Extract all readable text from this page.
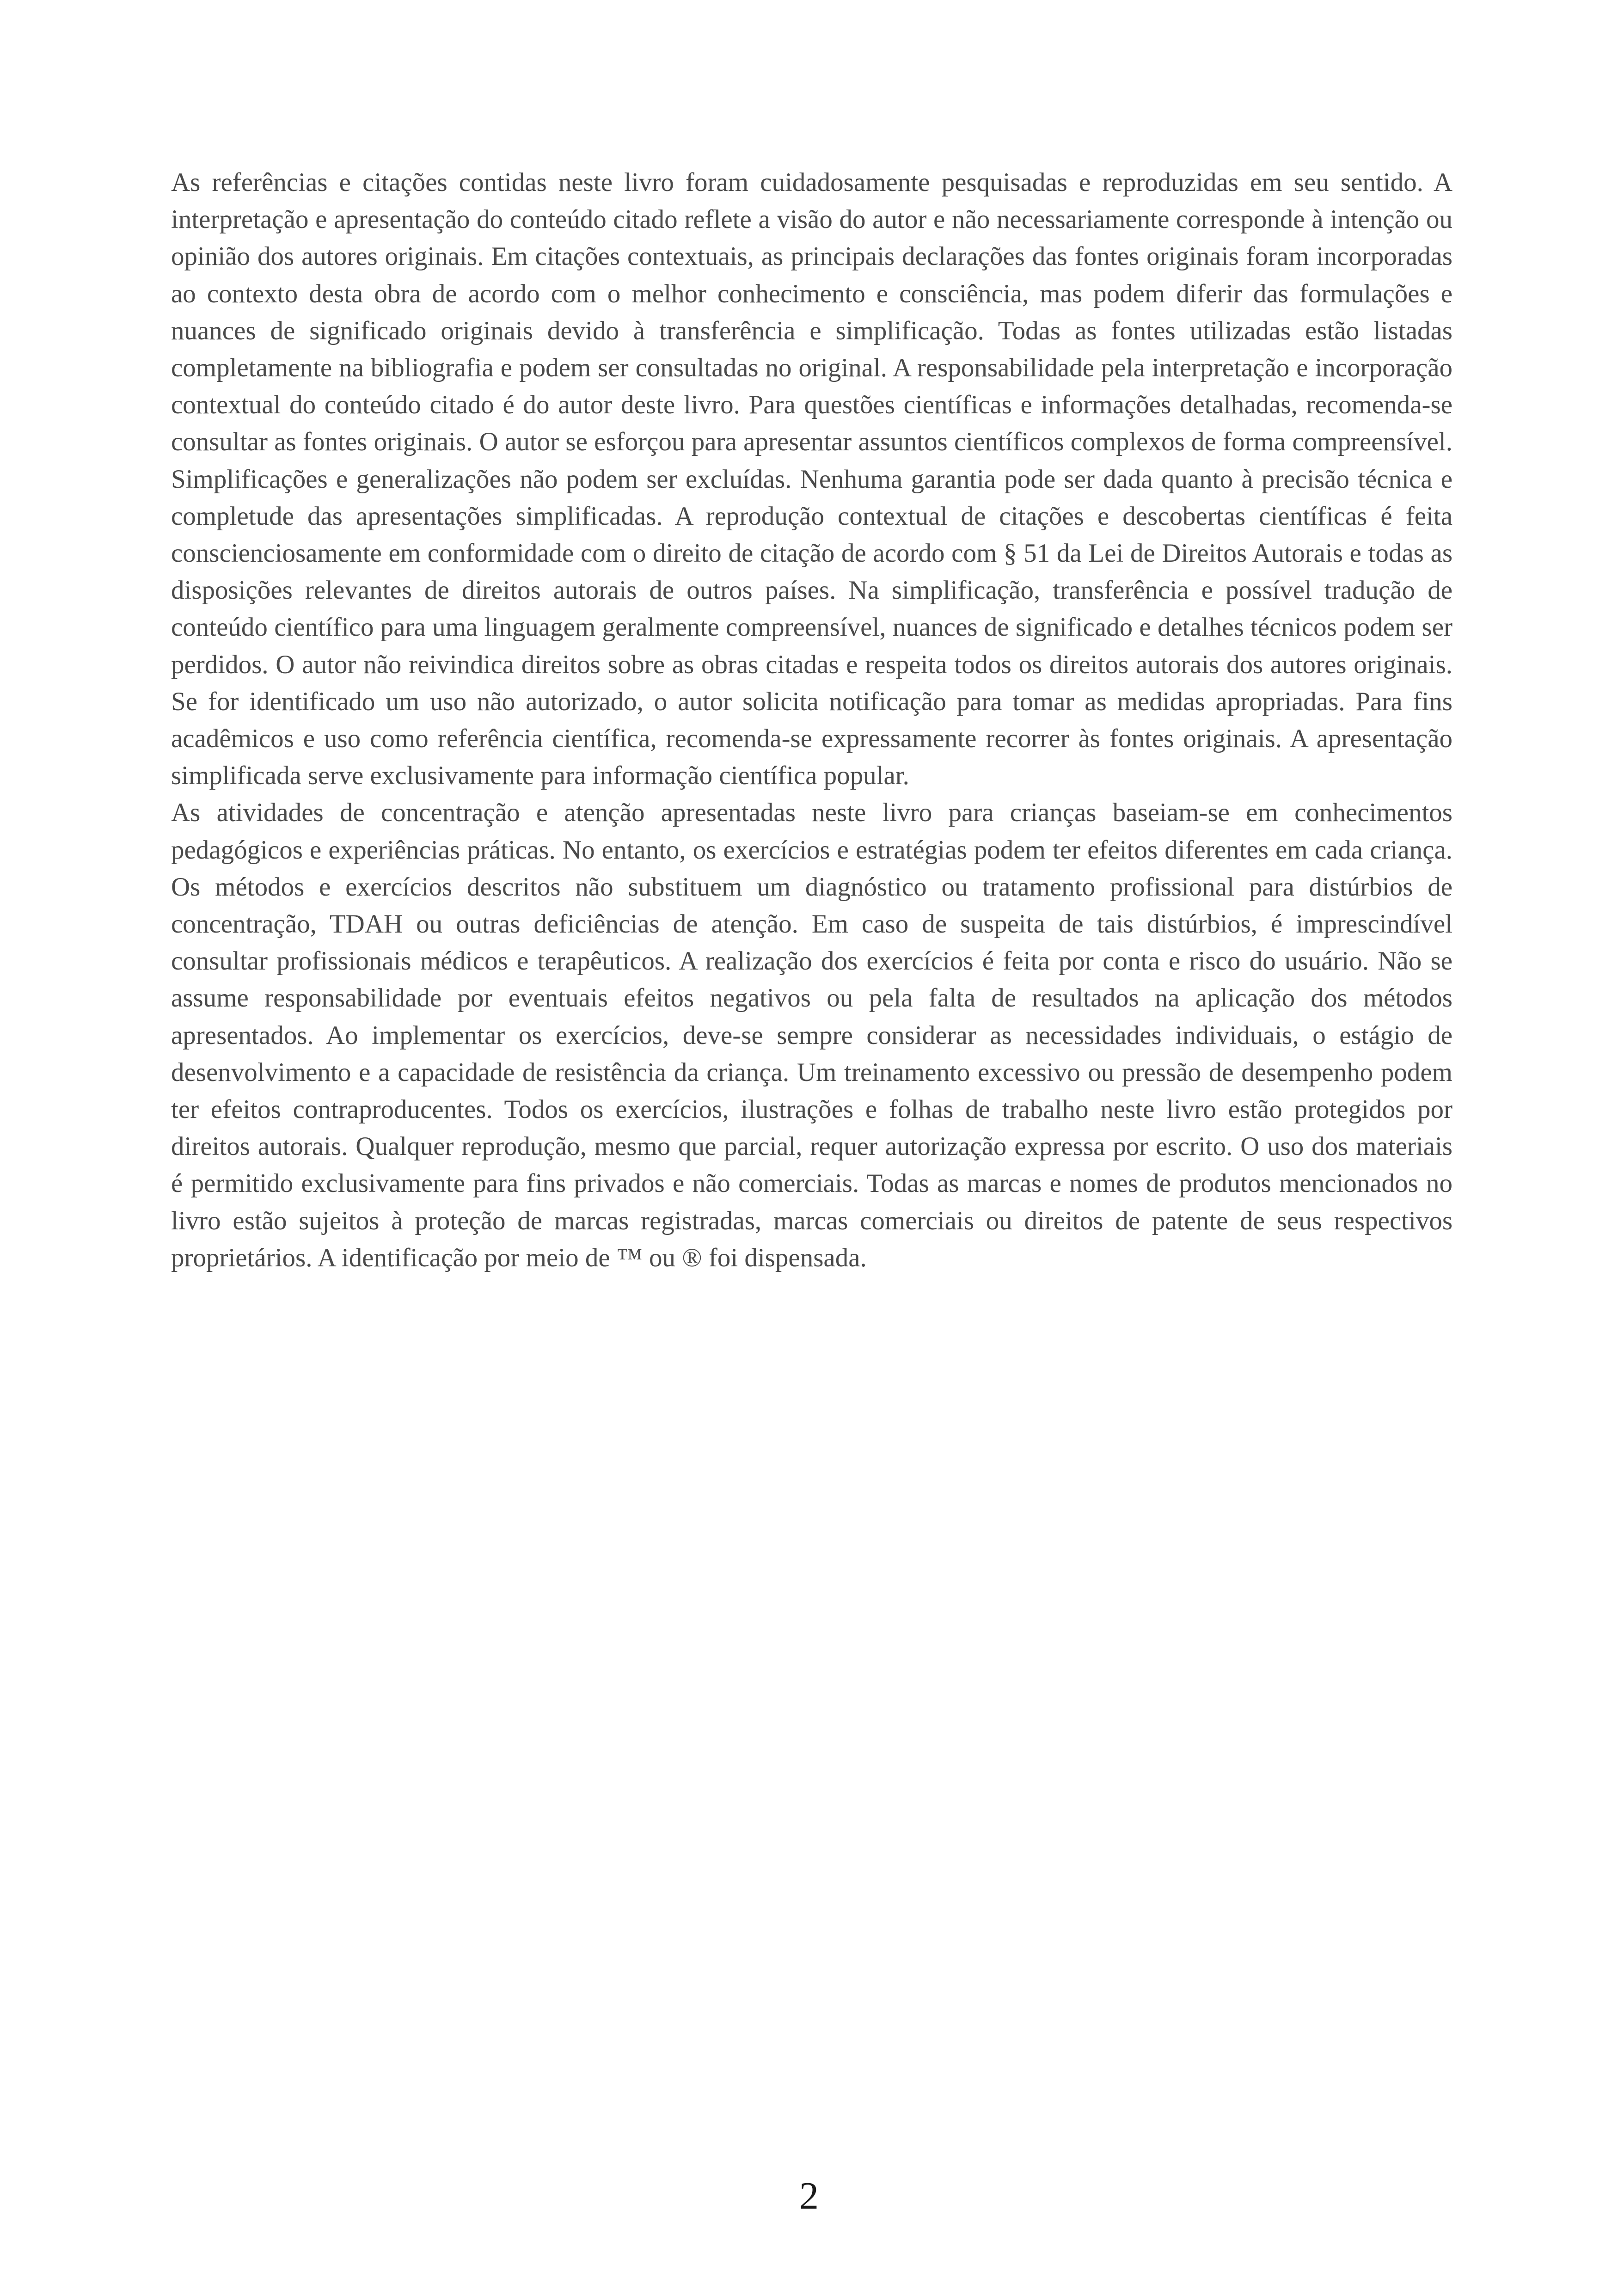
As referências e citações contidas neste livro foram cuidadosamente pesquisadas e reproduzidas em seu sentido. A interpretação e apresentação do conteúdo citado reflete a visão do autor e não necessariamente corresponde à intenção ou opinião dos autores originais. Em citações contextuais, as principais declarações das fontes originais foram incorporadas ao contexto desta obra de acordo com o melhor conhecimento e consciência, mas podem diferir das formulações e nuances de significado originais devido à transferência e simplificação. Todas as fontes utilizadas estão listadas completamente na bibliografia e podem ser consultadas no original. A responsabilidade pela interpretação e incorporação contextual do conteúdo citado é do autor deste livro. Para questões científicas e informações detalhadas, recomenda-se consultar as fontes originais. O autor se esforçou para apresentar assuntos científicos complexos de forma compreensível. Simplificações e generalizações não podem ser excluídas. Nenhuma garantia pode ser dada quanto à precisão técnica e completude das apresentações simplificadas. A reprodução contextual de citações e descobertas científicas é feita conscienciosamente em conformidade com o direito de citação de acordo com § 51 da Lei de Direitos Autorais e todas as disposições relevantes de direitos autorais de outros países. Na simplificação, transferência e possível tradução de conteúdo científico para uma linguagem geralmente compreensível, nuances de significado e detalhes técnicos podem ser perdidos. O autor não reivindica direitos sobre as obras citadas e respeita todos os direitos autorais dos autores originais. Se for identificado um uso não autorizado, o autor solicita notificação para tomar as medidas apropriadas. Para fins acadêmicos e uso como referência científica, recomenda-se expressamente recorrer às fontes originais. A apresentação simplificada serve exclusivamente para informação científica popular.

As atividades de concentração e atenção apresentadas neste livro para crianças baseiam-se em conhecimentos pedagógicos e experiências práticas. No entanto, os exercícios e estratégias podem ter efeitos diferentes em cada criança. Os métodos e exercícios descritos não substituem um diagnóstico ou tratamento profissional para distúrbios de concentração, TDAH ou outras deficiências de atenção. Em caso de suspeita de tais distúrbios, é imprescindível consultar profissionais médicos e terapêuticos. A realização dos exercícios é feita por conta e risco do usuário. Não se assume responsabilidade por eventuais efeitos negativos ou pela falta de resultados na aplicação dos métodos apresentados. Ao implementar os exercícios, deve-se sempre considerar as necessidades individuais, o estágio de desenvolvimento e a capacidade de resistência da criança. Um treinamento excessivo ou pressão de desempenho podem ter efeitos contraproducentes. Todos os exercícios, ilustrações e folhas de trabalho neste livro estão protegidos por direitos autorais. Qualquer reprodução, mesmo que parcial, requer autorização expressa por escrito. O uso dos materiais é permitido exclusivamente para fins privados e não comerciais. Todas as marcas e nomes de produtos mencionados no livro estão sujeitos à proteção de marcas registradas, marcas comerciais ou direitos de patente de seus respectivos proprietários. A identificação por meio de ™ ou ® foi dispensada.

2
